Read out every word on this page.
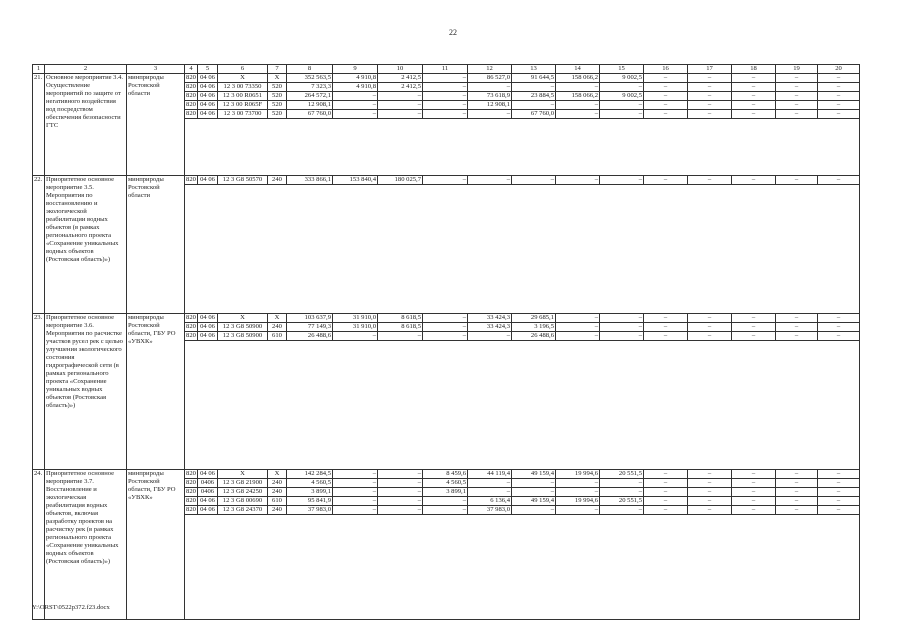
22
1	2	3	4	5	6	7	8	9	10	11	12	13	14	15	16	17	18	19	20
21.	Основное мероприятие 3.4. Осуществление мероприятий по защите от негативного воздействия вод посредством обеспечения безопасности ГТС	минприроды Ростовской области	820	04 06	X	X	352 563,5	4 910,8	2 412,5	–	86 527,0	91 644,5	158 066,2	9 002,5	–	–	–	–	–
			820	04 06	12 3 00 73350	520	7 323,3	4 910,8	2 412,5	–	–	–	–	–	–	–	–	–	–
			820	04 06	12 3 00 R0651	520	264 572,1	–	–	–	73 618,9	23 884,5	158 066,2	9 002,5	–	–	–	–	–
			820	04 06	12 3 00 R065F	520	12 908,1	–	–	–	12 908,1	–	–	–	–	–	–	–	–
			820	04 06	12 3 00 73700	520	67 760,0	–	–	–	–	67 760,0	–	–	–	–	–	–	–

22.	Приоритетное основное мероприятие 3.5. Мероприятия по восстановлению и экологической реабилитации водных объектов (в рамках регионального проекта «Сохранение уникальных водных объектов (Ростовская область)»)	минприроды Ростовской области	820	04 06	12 3 G8 50570	240	333 866,1	153 840,4	180 025,7	–	–	–	–	–	–	–	–	–	–

23.	Приоритетное основное мероприятие 3.6. Мероприятия по расчистке участков русел рек с целью улучшения экологического состояния гидрографической сети (в рамках регионального проекта «Сохранение уникальных водных объектов (Ростовская область)»)	минприроды Ростовской области, ГБУ РО «УВХК»	820	04 06	X	X	103 637,9	31 910,0	8 618,5	–	33 424,3	29 685,1	–	–	–	–	–	–	–
			820	04 06	12 3 G8 50900	240	77 149,3	31 910,0	8 618,5	–	33 424,3	3 196,5	–	–	–	–	–	–	–
			820	04 06	12 3 G8 50900	610	26 488,6	–	–	–	–	26 488,6	–	–	–	–	–	–	–

24.	Приоритетное основное мероприятие 3.7. Восстановление и экологическая реабилитация водных объектов, включая разработку проектов на расчистку рек (в рамках регионального проекта «Сохранение уникальных водных объектов (Ростовская область)»)	минприроды Ростовской области, ГБУ РО «УВХК»	820	04 06	X	X	142 284,5	–	–	8 459,6	44 119,4	49 159,4	19 994,6	20 551,5	–	–	–	–	–
			820	0406	12 3 G8 21900	240	4 560,5	–	–	4 560,5	–	–	–	–	–	–	–	–	–
			820	0406	12 3 G8 24250	240	3 899,1	–	–	3 899,1	–	–	–	–	–	–	–	–	–
			820	04 06	12 3 G8 00690	610	95 841,9	–	–	–	6 136,4	49 159,4	19 994,6	20 551,5	–	–	–	–	–
			820	04 06	12 3 G8 24370	240	37 983,0	–	–	–	37 983,0	–	–	–	–	–	–	–	–

Y:\ORST\0522p372.f23.docx
